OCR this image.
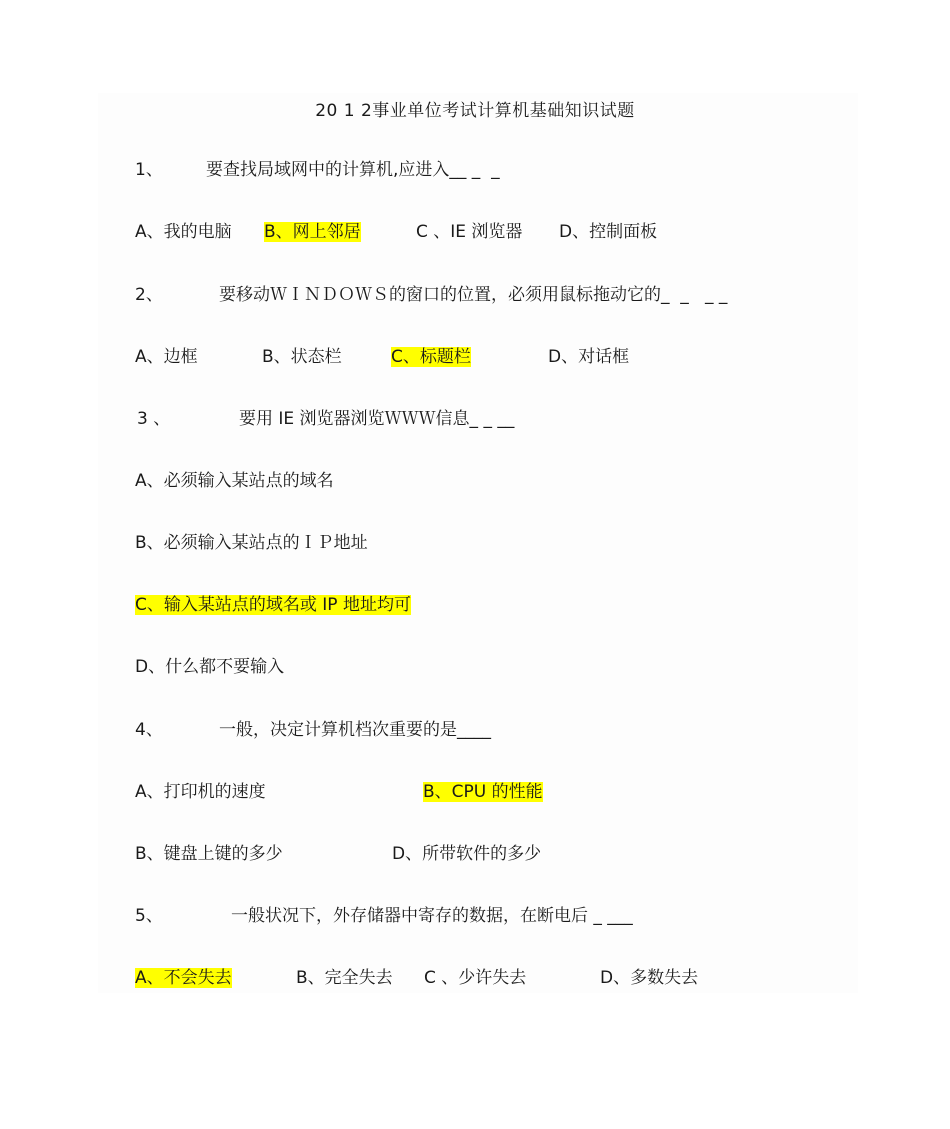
20 1 2事业单位考试计算机基础知识试题
1、	要查找局域网中的计算机,应进入__ _  _
A、我的电脑 B、网上邻居	C 、IE 浏览器 D、控制面板
2、	要移动ＷＩＮＤＯＷＳ的窗口的位置，必须用鼠标拖动它的_  _   _ _
A、边框	B、状态栏	C、标题栏	D、对话框
3 、	要用 IE 浏览器浏览ＷＷＷ信息_ _ __
A、必须输入某站点的域名
B、必须输入某站点的ＩＰ地址
C、输入某站点的域名或 IP 地址均可
D、什么都不要输入
4、	一般，决定计算机档次重要的是____
A、打印机的速度	B、CPU 的性能
B、键盘上键的多少	D、所带软件的多少
5、	一般状况下，外存储器中寄存的数据，在断电后 _ ___
A、不会失去	B、完全失去 C 、少许失去	D、多数失去
